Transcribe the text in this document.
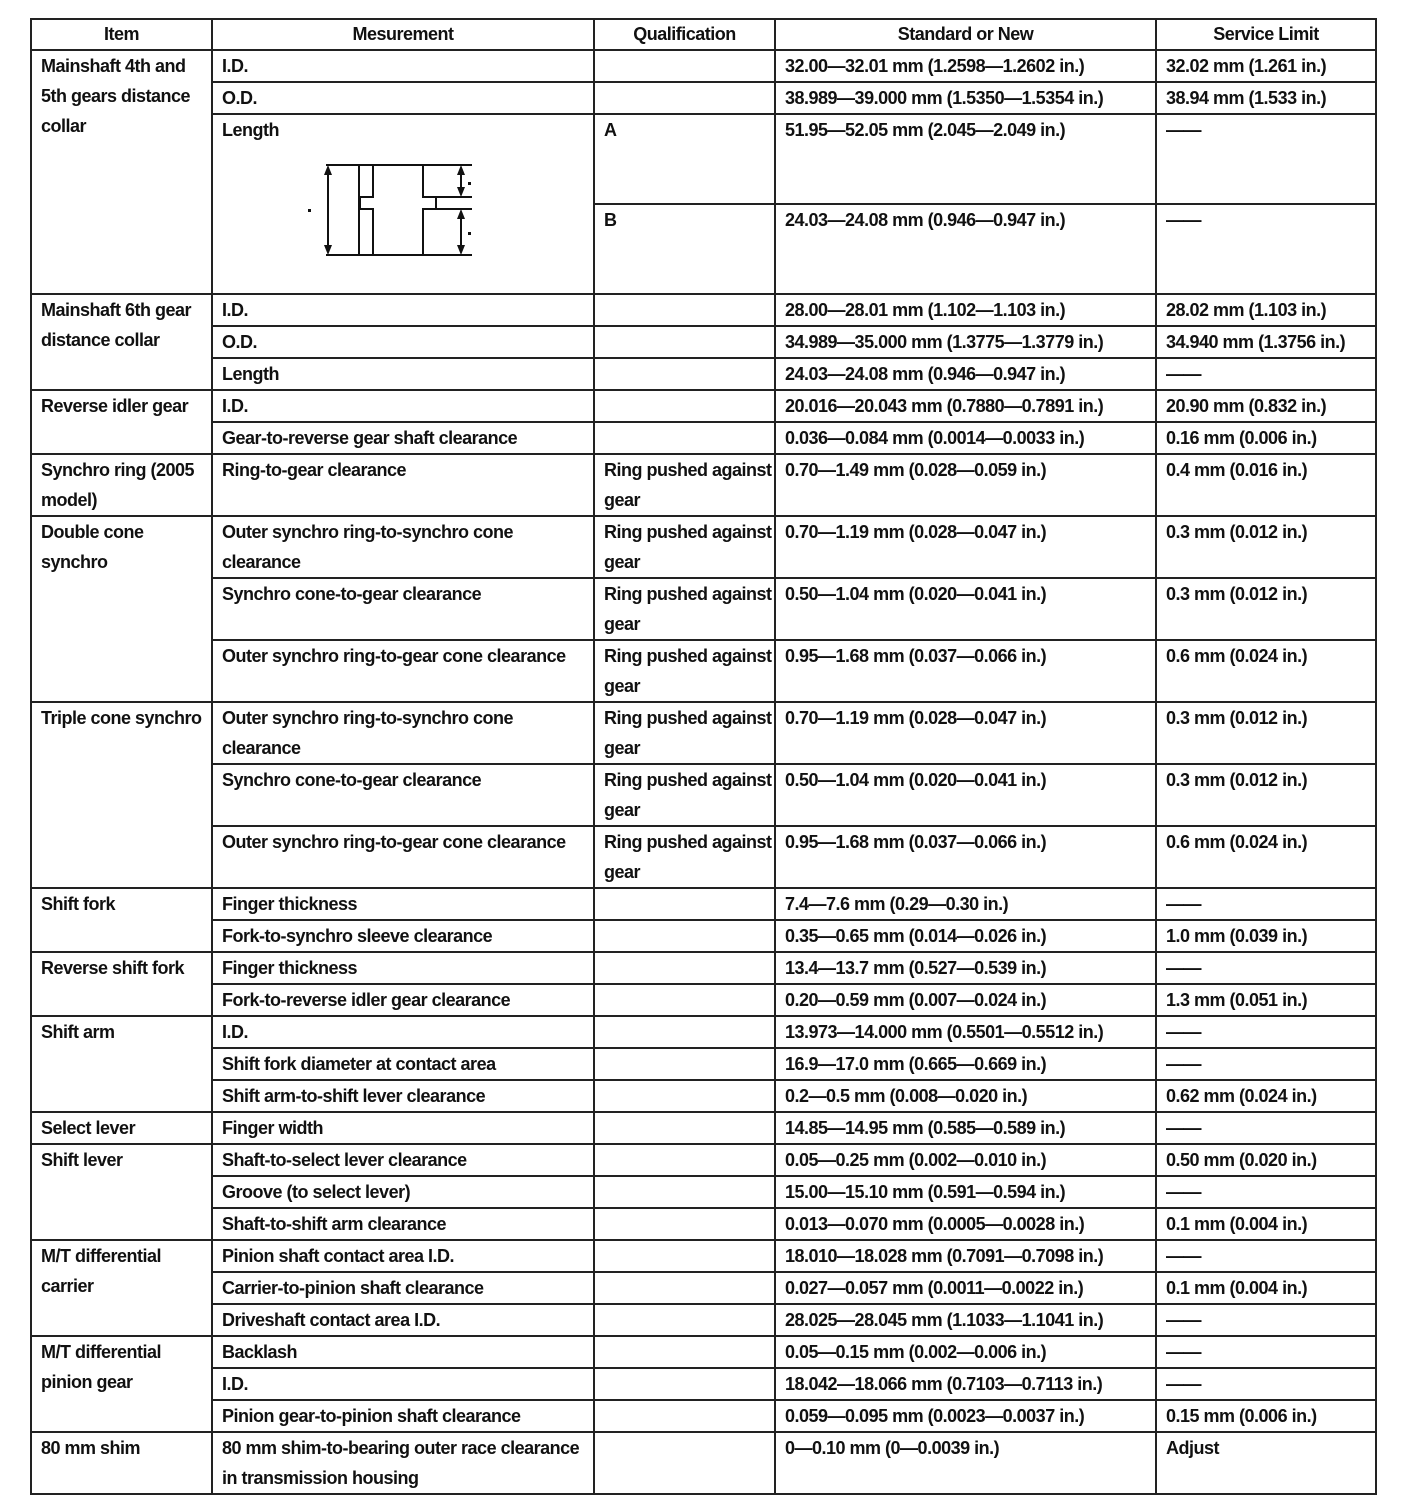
Item	Mesurement	Qualification	Standard or New	Service Limit
Mainshaft 4th and 5th gears distance collar	I.D.		32.00—32.01 mm (1.2598—1.2602 in.)	32.02 mm (1.261 in.)
	O.D.		38.989—39.000 mm (1.5350—1.5354 in.)	38.94 mm (1.533 in.)

	Length	A	51.95—52.05 mm (2.045—2.049 in.)	——
		B	24.03—24.08 mm (0.946—0.947 in.)	——
Mainshaft 6th gear distance collar	I.D.		28.00—28.01 mm (1.102—1.103 in.)	28.02 mm (1.103 in.)
	O.D.		34.989—35.000 mm (1.3775—1.3779 in.)	34.940 mm (1.3756 in.)
	Length		24.03—24.08 mm (0.946—0.947 in.)	——
Reverse idler gear	I.D.		20.016—20.043 mm (0.7880—0.7891 in.)	20.90 mm (0.832 in.)
	Gear-to-reverse gear shaft clearance		0.036—0.084 mm (0.0014—0.0033 in.)	0.16 mm (0.006 in.)
Synchro ring (2005 model)	Ring-to-gear clearance	Ring pushed against gear	0.70—1.49 mm (0.028—0.059 in.)	0.4 mm (0.016 in.)
Double cone synchro	Outer synchro ring-to-synchro cone clearance	Ring pushed against gear	0.70—1.19 mm (0.028—0.047 in.)	0.3 mm (0.012 in.)
	Synchro cone-to-gear clearance	Ring pushed against gear	0.50—1.04 mm (0.020—0.041 in.)	0.3 mm (0.012 in.)
	Outer synchro ring-to-gear cone clearance	Ring pushed against gear	0.95—1.68 mm (0.037—0.066 in.)	0.6 mm (0.024 in.)
Triple cone synchro	Outer synchro ring-to-synchro cone clearance	Ring pushed against gear	0.70—1.19 mm (0.028—0.047 in.)	0.3 mm (0.012 in.)
	Synchro cone-to-gear clearance	Ring pushed against gear	0.50—1.04 mm (0.020—0.041 in.)	0.3 mm (0.012 in.)
	Outer synchro ring-to-gear cone clearance	Ring pushed against gear	0.95—1.68 mm (0.037—0.066 in.)	0.6 mm (0.024 in.)
Shift fork	Finger thickness		7.4—7.6 mm (0.29—0.30 in.)	——
	Fork-to-synchro sleeve clearance		0.35—0.65 mm (0.014—0.026 in.)	1.0 mm (0.039 in.)
Reverse shift fork	Finger thickness		13.4—13.7 mm (0.527—0.539 in.)	——
	Fork-to-reverse idler gear clearance		0.20—0.59 mm (0.007—0.024 in.)	1.3 mm (0.051 in.)
Shift arm	I.D.		13.973—14.000 mm (0.5501—0.5512 in.)	——
	Shift fork diameter at contact area		16.9—17.0 mm (0.665—0.669 in.)	——
	Shift arm-to-shift lever clearance		0.2—0.5 mm (0.008—0.020 in.)	0.62 mm (0.024 in.)
Select lever	Finger width		14.85—14.95 mm (0.585—0.589 in.)	——
Shift lever	Shaft-to-select lever clearance		0.05—0.25 mm (0.002—0.010 in.)	0.50 mm (0.020 in.)
	Groove (to select lever)		15.00—15.10 mm (0.591—0.594 in.)	——
	Shaft-to-shift arm clearance		0.013—0.070 mm (0.0005—0.0028 in.)	0.1 mm (0.004 in.)
M/T differential carrier	Pinion shaft contact area I.D.		18.010—18.028 mm (0.7091—0.7098 in.)	——
	Carrier-to-pinion shaft clearance		0.027—0.057 mm (0.0011—0.0022 in.)	0.1 mm (0.004 in.)
	Driveshaft contact area I.D.		28.025—28.045 mm (1.1033—1.1041 in.)	——
M/T differential pinion gear	Backlash		0.05—0.15 mm (0.002—0.006 in.)	——
	I.D.		18.042—18.066 mm (0.7103—0.7113 in.)	——
	Pinion gear-to-pinion shaft clearance		0.059—0.095 mm (0.0023—0.0037 in.)	0.15 mm (0.006 in.)
80 mm shim	80 mm shim-to-bearing outer race clearance in transmission housing		0—0.10 mm (0—0.0039 in.)	Adjust
